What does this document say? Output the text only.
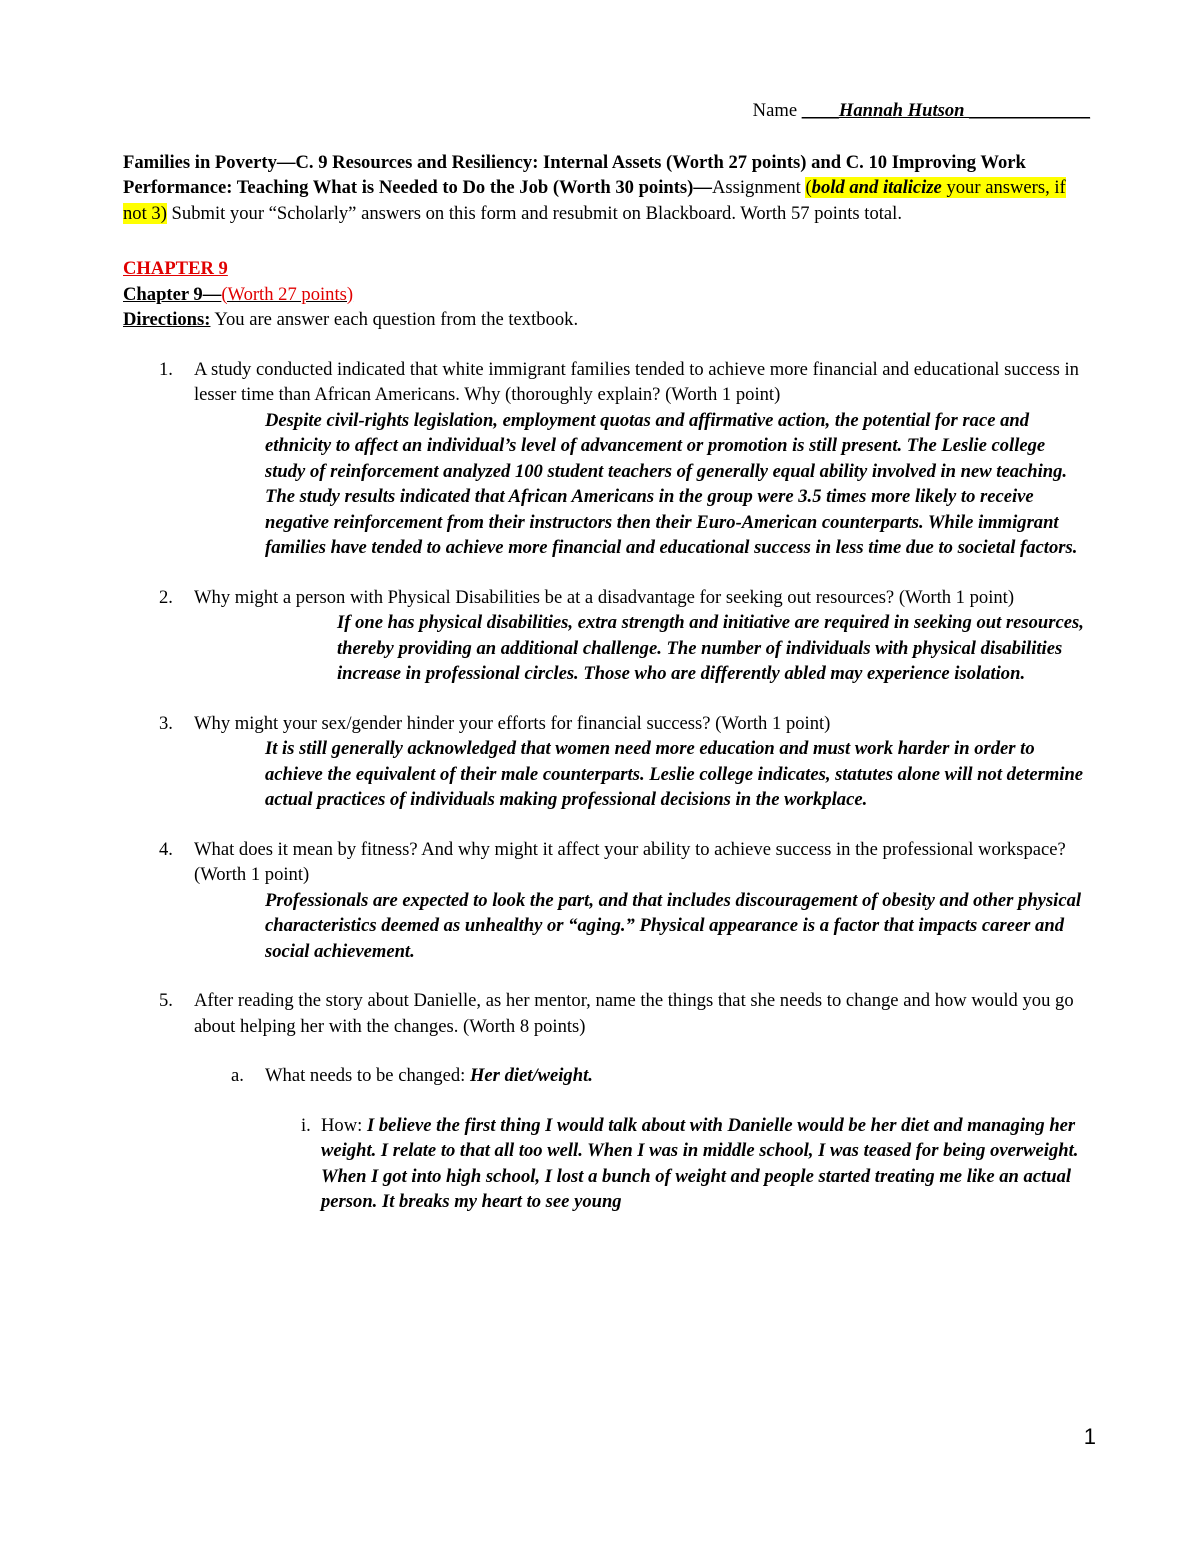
Name ____Hannah Hutson _____________
Families in Poverty—C. 9 Resources and Resiliency: Internal Assets (Worth 27 points) and C. 10 Improving Work Performance: Teaching What is Needed to Do the Job (Worth 30 points)—Assignment (bold and italicize your answers, if not 3) Submit your “Scholarly” answers on this form and resubmit on Blackboard. Worth 57 points total.
CHAPTER 9
Chapter 9—(Worth 27 points)
Directions: You are answer each question from the textbook.
1. A study conducted indicated that white immigrant families tended to achieve more financial and educational success in lesser time than African Americans. Why (thoroughly explain? (Worth 1 point)
Despite civil-rights legislation, employment quotas and affirmative action, the potential for race and ethnicity to affect an individual’s level of advancement or promotion is still present. The Leslie college study of reinforcement analyzed 100 student teachers of generally equal ability involved in new teaching. The study results indicated that African Americans in the group were 3.5 times more likely to receive negative reinforcement from their instructors then their Euro-American counterparts. While immigrant families have tended to achieve more financial and educational success in less time due to societal factors.
2. Why might a person with Physical Disabilities be at a disadvantage for seeking out resources? (Worth 1 point)
If one has physical disabilities, extra strength and initiative are required in seeking out resources, thereby providing an additional challenge. The number of individuals with physical disabilities increase in professional circles. Those who are differently abled may experience isolation.
3. Why might your sex/gender hinder your efforts for financial success? (Worth 1 point)
It is still generally acknowledged that women need more education and must work harder in order to achieve the equivalent of their male counterparts. Leslie college indicates, statutes alone will not determine actual practices of individuals making professional decisions in the workplace.
4. What does it mean by fitness? And why might it affect your ability to achieve success in the professional workspace? (Worth 1 point)
Professionals are expected to look the part, and that includes discouragement of obesity and other physical characteristics deemed as unhealthy or “aging.” Physical appearance is a factor that impacts career and social achievement.
5. After reading the story about Danielle, as her mentor, name the things that she needs to change and how would you go about helping her with the changes. (Worth 8 points)
a. What needs to be changed: Her diet/weight.
i. How: I believe the first thing I would talk about with Danielle would be her diet and managing her weight. I relate to that all too well. When I was in middle school, I was teased for being overweight. When I got into high school, I lost a bunch of weight and people started treating me like an actual person. It breaks my heart to see young
1
